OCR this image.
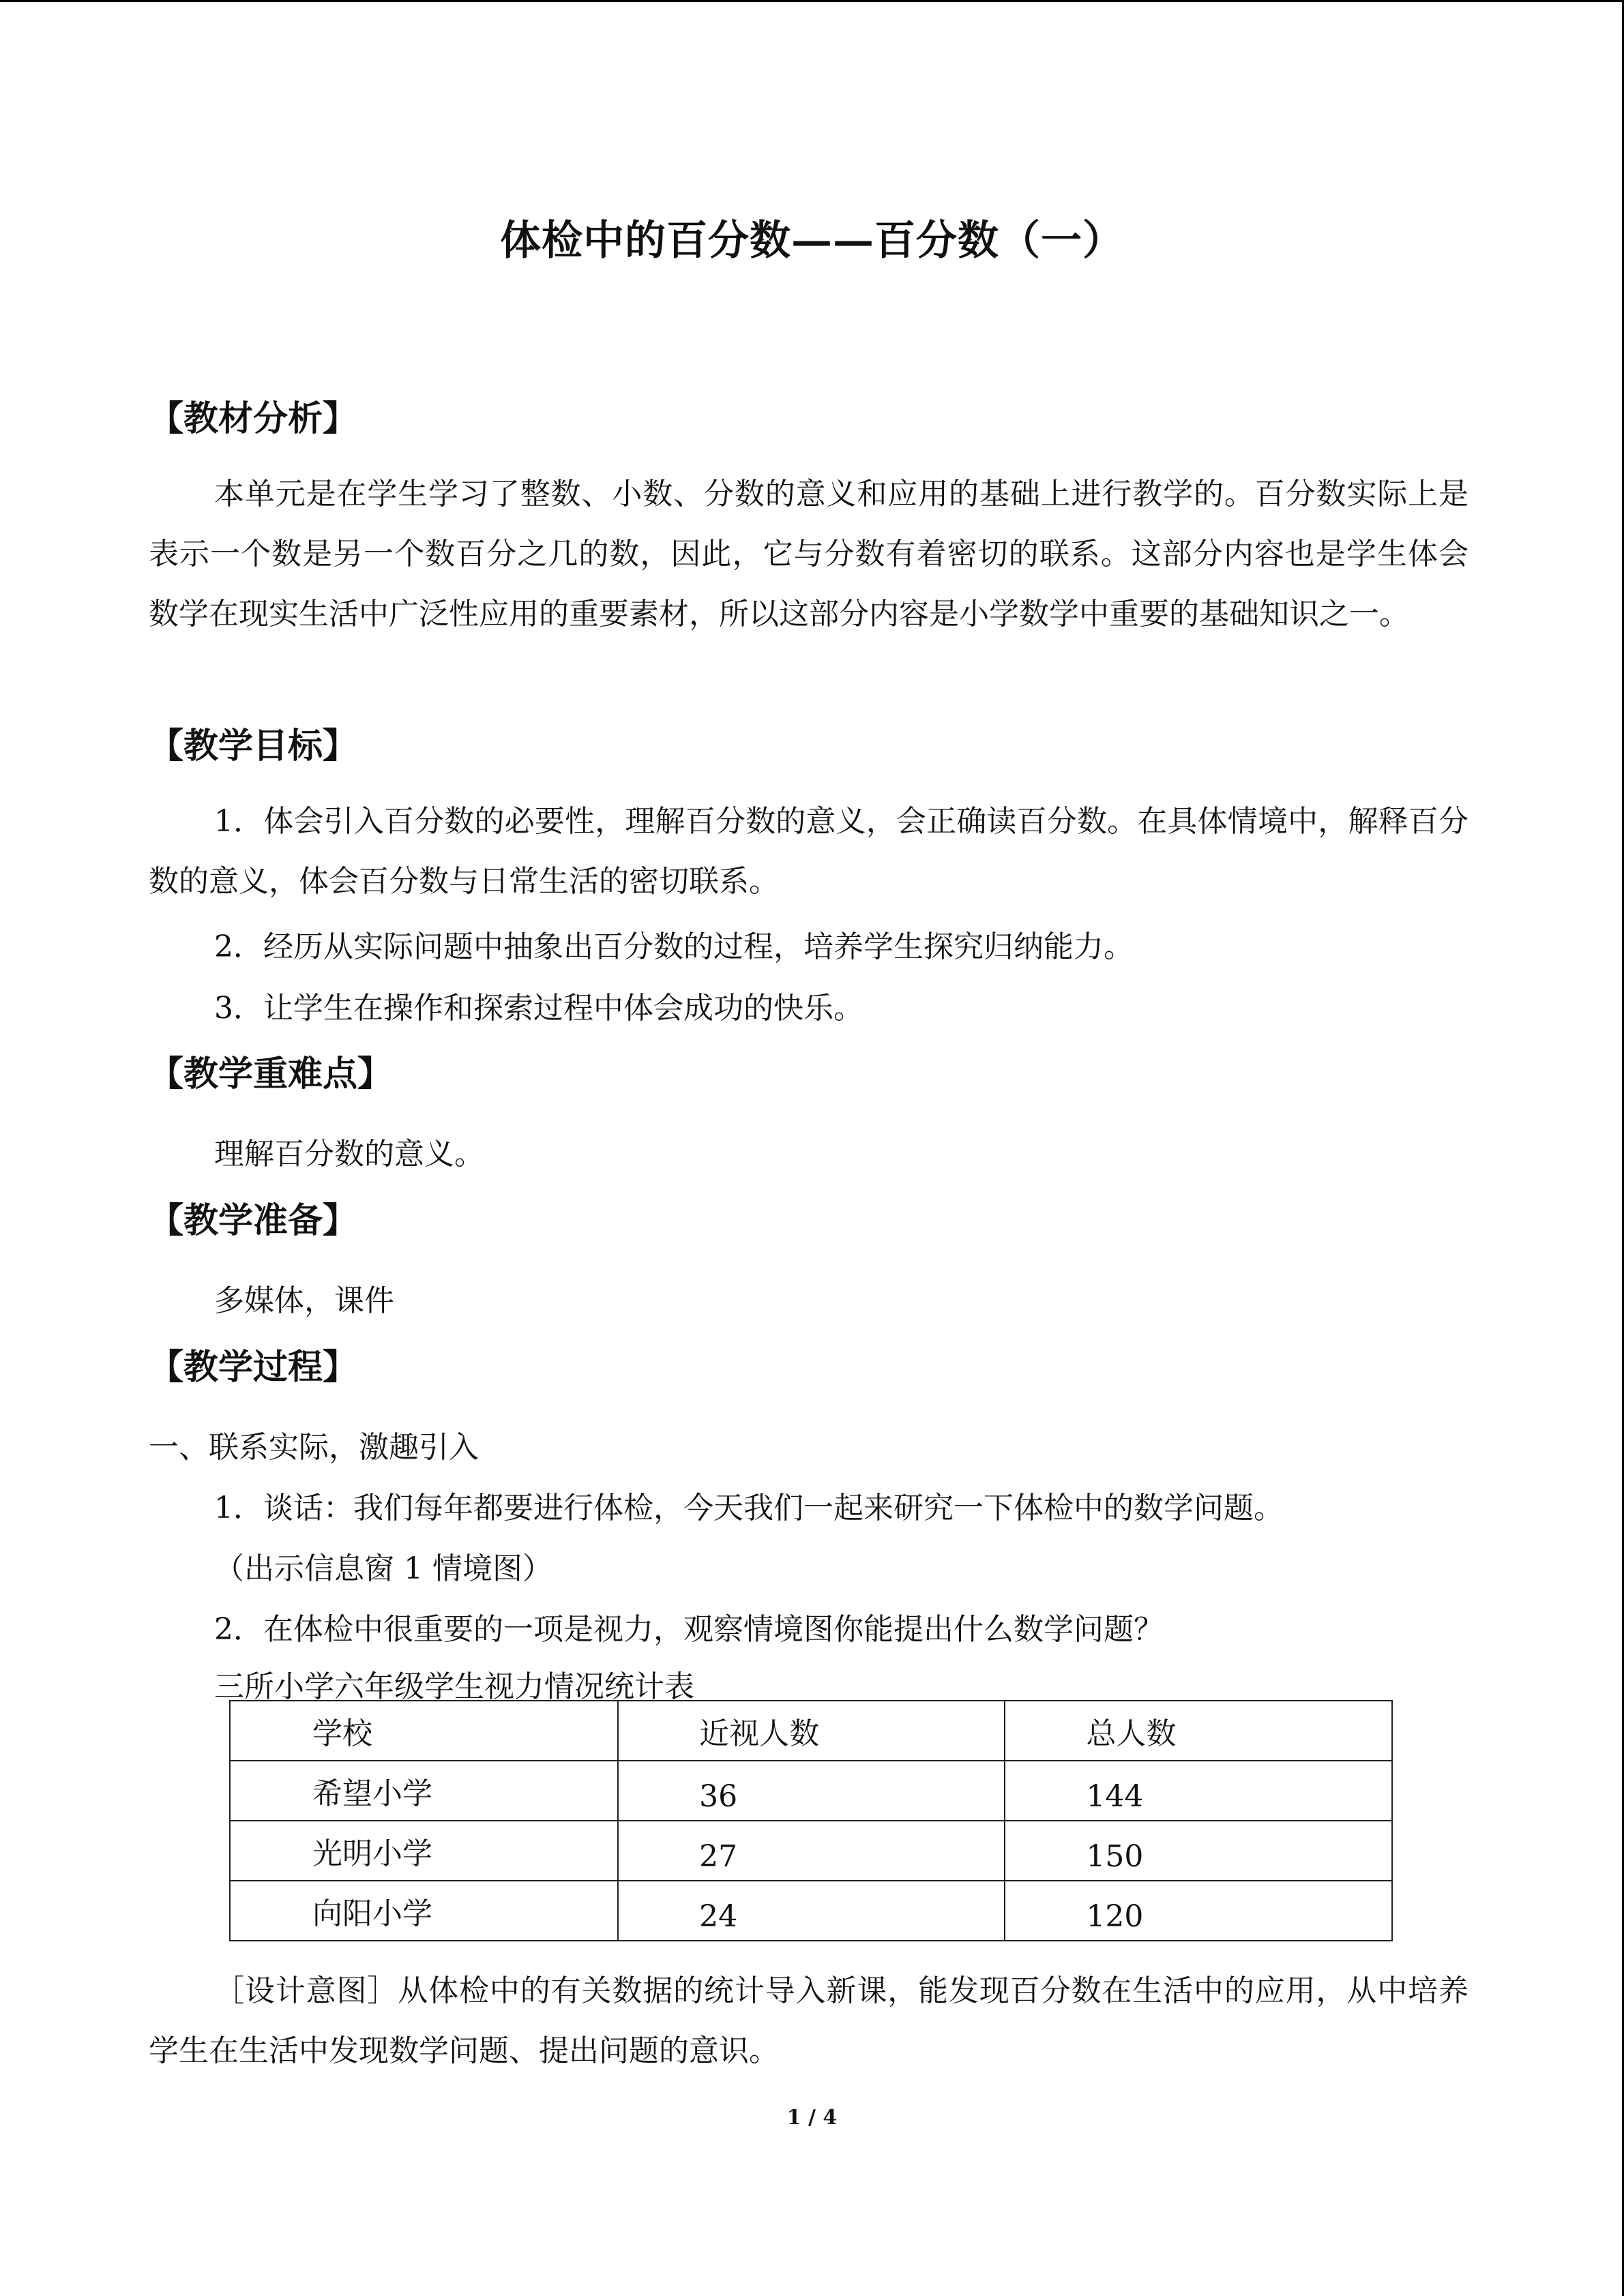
体检中的百分数——百分数（一）
【教材分析】
本单元是在学生学习了整数、小数、分数的意义和应用的基础上进行教学的。百分数实际上是表示一个数是另一个数百分之几的数，因此，它与分数有着密切的联系。这部分内容也是学生体会数学在现实生活中广泛性应用的重要素材，所以这部分内容是小学数学中重要的基础知识之一。
【教学目标】
1．体会引入百分数的必要性，理解百分数的意义，会正确读百分数。在具体情境中，解释百分数的意义，体会百分数与日常生活的密切联系。
2．经历从实际问题中抽象出百分数的过程，培养学生探究归纳能力。
3．让学生在操作和探索过程中体会成功的快乐。
【教学重难点】
理解百分数的意义。
【教学准备】
多媒体，课件
【教学过程】
一、联系实际，激趣引入
1．谈话：我们每年都要进行体检，今天我们一起来研究一下体检中的数学问题。
（出示信息窗 1 情境图）
2．在体检中很重要的一项是视力，观察情境图你能提出什么数学问题？
三所小学六年级学生视力情况统计表
学校	近视人数	总人数
希望小学	36	144
光明小学	27	150
向阳小学	24	120
［设计意图］从体检中的有关数据的统计导入新课，能发现百分数在生活中的应用，从中培养学生在生活中发现数学问题、提出问题的意识。
1 / 4
